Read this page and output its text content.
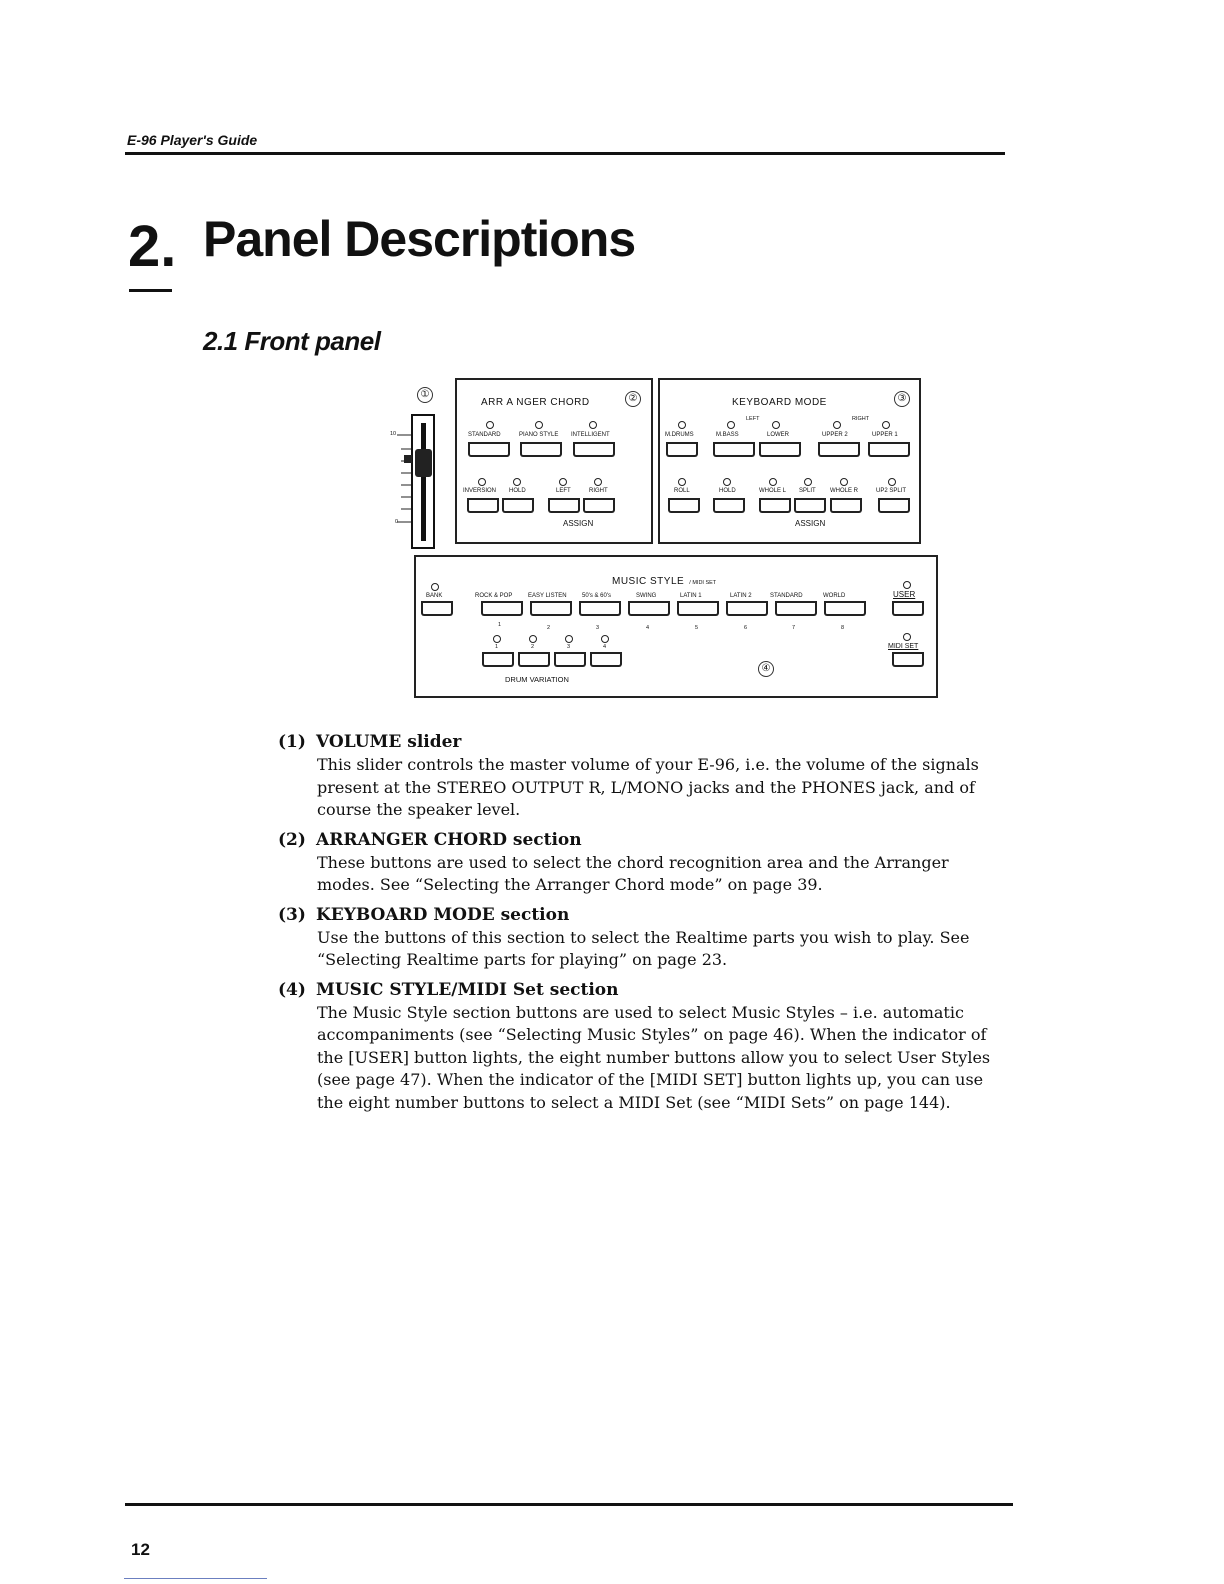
E-96 Player's Guide
2. Panel Descriptions
2.1 Front panel
①
10
0
ARR A NGER CHORD	②
STANDARD	PIANO STYLE INTELLIGENT
INVERSION HOLD	LEFT	RIGHT
ASSIGN
KEYBOARD MODE	③
LEFT	RIGHT
M.DRUMS	M.BASS	LOWER	UPPER 2	UPPER 1
ROLL	HOLD	WHOLE L SPLIT WHOLE R	UP2 SPLIT
ASSIGN
MUSIC STYLE / MIDI SET
BANK	ROCK & POP	EASY LISTEN	50's & 60's	SWING	LATIN 1	LATIN 2	STANDARD	WORLD
1	2	3	4	5	6	7	8
1	2	3	4
DRUM VARIATION
④
USER
MIDI SET
(1) VOLUME slider
This slider controls the master volume of your E-96, i.e. the volume of the signals present at the STEREO OUTPUT R, L/MONO jacks and the PHONES jack, and of course the speaker level.
(2) ARRANGER CHORD section
These buttons are used to select the chord recognition area and the Arranger modes. See “Selecting the Arranger Chord mode” on page 39.
(3) KEYBOARD MODE section
Use the buttons of this section to select the Realtime parts you wish to play. See “Selecting Realtime parts for playing” on page 23.
(4) MUSIC STYLE/MIDI Set section
The Music Style section buttons are used to select Music Styles – i.e. automatic accompaniments (see “Selecting Music Styles” on page 46). When the indicator of the [USER] button lights, the eight number buttons allow you to select User Styles (see page 47). When the indicator of the [MIDI SET] button lights up, you can use the eight number buttons to select a MIDI Set (see “MIDI Sets” on page 144).
12
